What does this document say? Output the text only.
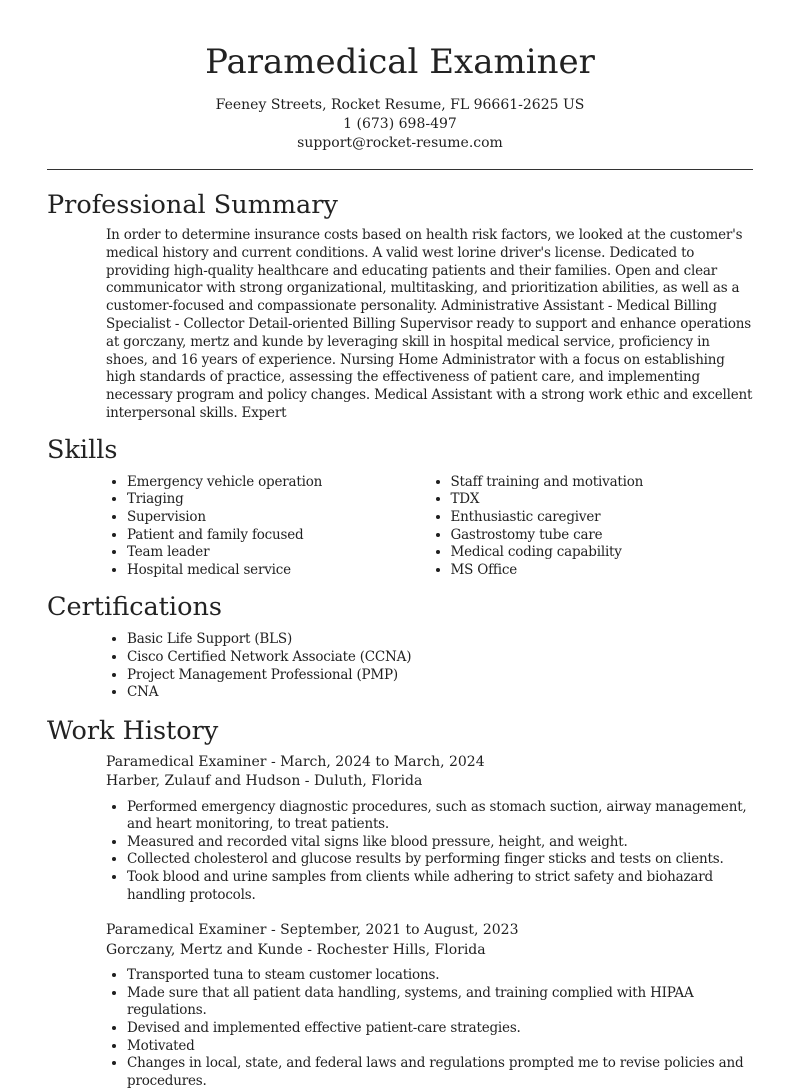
Paramedical Examiner
Feeney Streets, Rocket Resume, FL 96661-2625 US
1 (673) 698-497
support@rocket-resume.com
Professional Summary

In order to determine insurance costs based on health risk factors, we looked at the customer's medical history and current conditions. A valid west lorine driver's license. Dedicated to providing high-quality healthcare and educating patients and their families. Open and clear communicator with strong organizational, multitasking, and prioritization abilities, as well as a customer-focused and compassionate personality. Administrative Assistant - Medical Billing Specialist - Collector Detail-oriented Billing Supervisor ready to support and enhance operations at gorczany, mertz and kunde by leveraging skill in hospital medical service, proficiency in shoes, and 16 years of experience. Nursing Home Administrator with a focus on establishing high standards of practice, assessing the effectiveness of patient care, and implementing necessary program and policy changes. Medical Assistant with a strong work ethic and excellent interpersonal skills. Expert

Skills
• Emergency vehicle operation
• Triaging
• Supervision
• Patient and family focused
• Team leader
• Hospital medical service
• Staff training and motivation
• TDX
• Enthusiastic caregiver
• Gastrostomy tube care
• Medical coding capability
• MS Office
Certifications
• Basic Life Support (BLS)
• Cisco Certified Network Associate (CCNA)
• Project Management Professional (PMP)
• CNA
Work History
Paramedical Examiner - March, 2024 to March, 2024
Harber, Zulauf and Hudson - Duluth, Florida
• Performed emergency diagnostic procedures, such as stomach suction, airway management, and heart monitoring, to treat patients.
• Measured and recorded vital signs like blood pressure, height, and weight.
• Collected cholesterol and glucose results by performing finger sticks and tests on clients.
• Took blood and urine samples from clients while adhering to strict safety and biohazard handling protocols.
Paramedical Examiner - September, 2021 to August, 2023
Gorczany, Mertz and Kunde - Rochester Hills, Florida
• Transported tuna to steam customer locations.
• Made sure that all patient data handling, systems, and training complied with HIPAA regulations.
• Devised and implemented effective patient-care strategies.
• Motivated
• Changes in local, state, and federal laws and regulations prompted me to revise policies and procedures.
